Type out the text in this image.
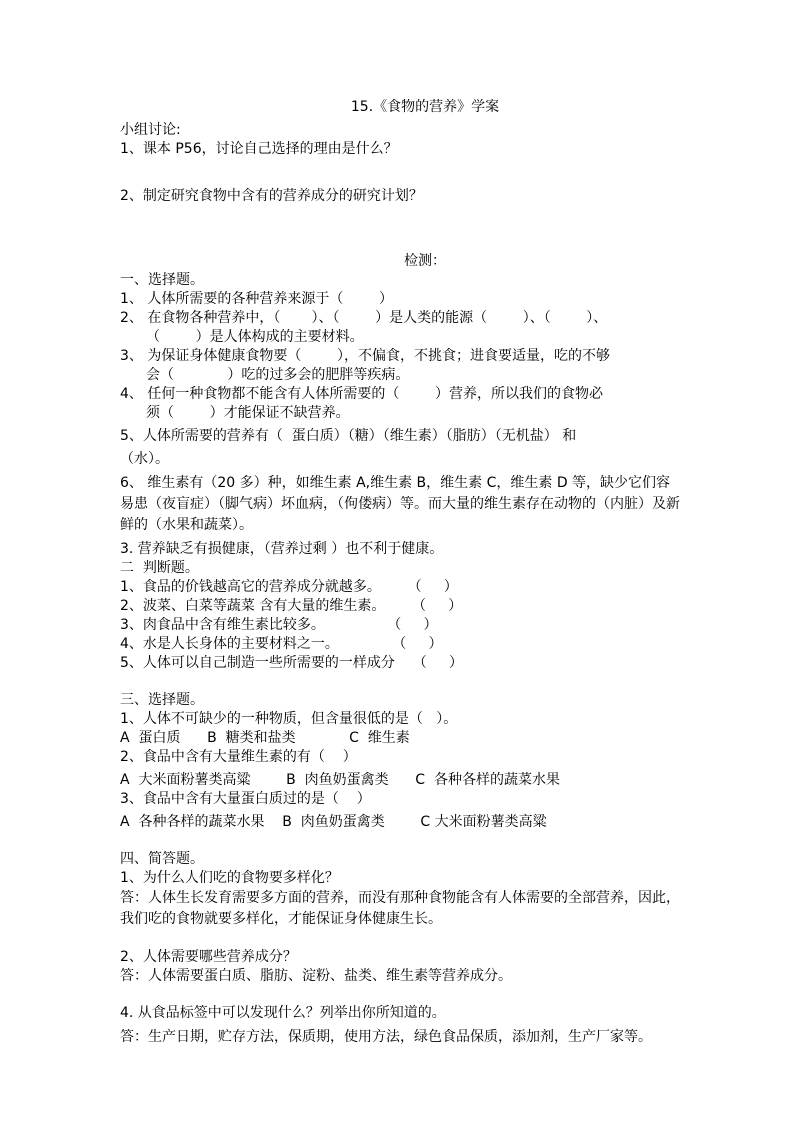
15.《食物的营养》学案
小组讨论:
1、课本 P56，讨论自己选择的理由是什么？
2、制定研究食物中含有的营养成分的研究计划？
检测：
一、选择题。
1、 人体所需要的各种营养来源于（        ）
2、 在食物各种营养中，（       ）、（        ）是人类的能源（        ）、（        ）、
（        ）是人体构成的主要材料。
3、 为保证身体健康食物要（        ），不偏食，不挑食；进食要适量，吃的不够
会（            ）吃的过多会的肥胖等疾病。
4、 任何一种食物都不能含有人体所需要的（        ）营养，所以我们的食物必
须（        ）才能保证不缺营养。
5、人体所需要的营养有（  蛋白质）（糖）（维生素）（脂肪）（无机盐） 和
（水）。
6、 维生素有（20 多）种，如维生素 A,维生素 B，维生素 C，维生素 D 等，缺少它们容易患（夜盲症）（脚气病）坏血病，（佝偻病）等。而大量的维生素存在动物的（内脏）及新鲜的（水果和蔬菜）。
3. 营养缺乏有损健康，（营养过剩 ）也不利于健康。
二  判断题。
1、食品的价钱越高它的营养成分就越多。      （     ）
2、波菜、白菜等蔬菜 含有大量的维生素。      （     ）
3、肉食品中含有维生素比较多。              （     ）
4、水是人长身体的主要材料之一。            （     ）
5、人体可以自己制造一些所需要的一样成分    （     ）
三、选择题。
1、人体不可缺少的一种物质，但含量很低的是（   ）。
A  蛋白质      B  糖类和盐类            C  维生素
2、食品中含有大量维生素的有（    ）
A  大米面粉薯类高粱        B  肉鱼奶蛋禽类      C  各种各样的蔬菜水果
3、食品中含有大量蛋白质过的是（    ）
A  各种各样的蔬菜水果    B  肉鱼奶蛋禽类        C 大米面粉薯类高粱
四、简答题。
1、为什么人们吃的食物要多样化？
答：人体生长发育需要多方面的营养，而没有那种食物能含有人体需要的全部营养，因此，我们吃的食物就要多样化，才能保证身体健康生长。
2、人体需要哪些营养成分？
答：人体需要蛋白质、脂肪、淀粉、盐类、维生素等营养成分。
4. 从食品标签中可以发现什么？列举出你所知道的。
答：生产日期，贮存方法，保质期，使用方法，绿色食品保质，添加剂，生产厂家等。
